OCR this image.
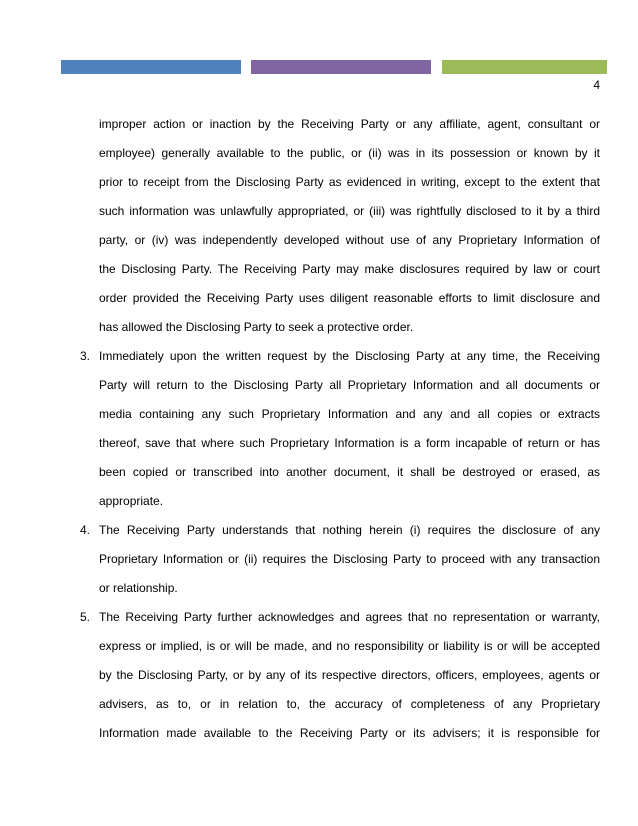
4
improper action or inaction by the Receiving Party or any affiliate, agent, consultant or
employee) generally available to the public, or (ii) was in its possession or known by it
prior to receipt from the Disclosing Party as evidenced in writing, except to the extent that
such information was unlawfully appropriated, or (iii) was rightfully disclosed to it by a third
party, or (iv) was independently developed without use of any Proprietary Information of
the Disclosing Party. The Receiving Party may make disclosures required by law or court
order provided the Receiving Party uses diligent reasonable efforts to limit disclosure and
has allowed the Disclosing Party to seek a protective order.
3. Immediately upon the written request by the Disclosing Party at any time, the Receiving
Party will return to the Disclosing Party all Proprietary Information and all documents or
media containing any such Proprietary Information and any and all copies or extracts
thereof, save that where such Proprietary Information is a form incapable of return or has
been copied or transcribed into another document, it shall be destroyed or erased, as
appropriate.
4. The Receiving Party understands that nothing herein (i) requires the disclosure of any
Proprietary Information or (ii) requires the Disclosing Party to proceed with any transaction
or relationship.
5. The Receiving Party further acknowledges and agrees that no representation or warranty,
express or implied, is or will be made, and no responsibility or liability is or will be accepted
by the Disclosing Party, or by any of its respective directors, officers, employees, agents or
advisers, as to, or in relation to, the accuracy of completeness of any Proprietary
Information made available to the Receiving Party or its advisers; it is responsible for
